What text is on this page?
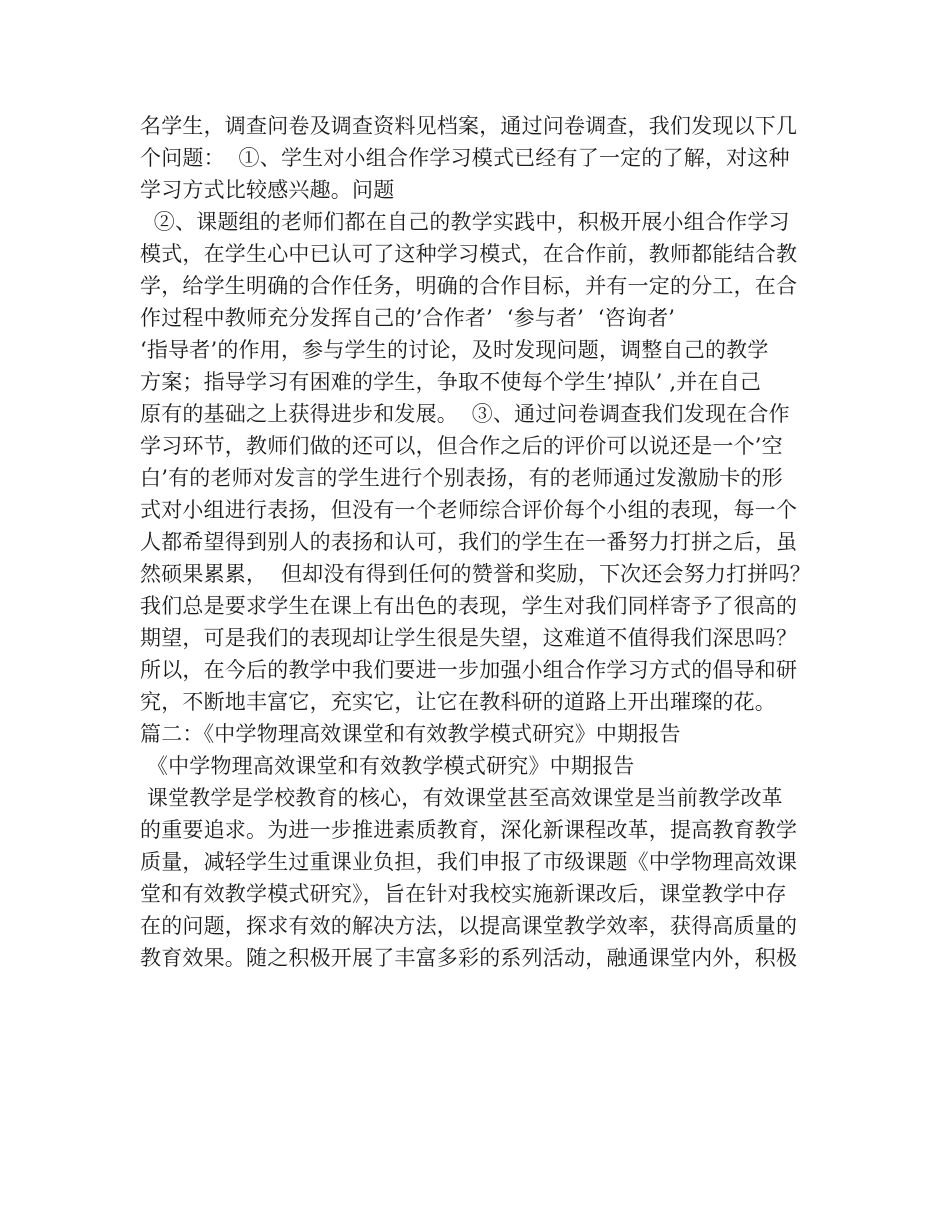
名学生，调查问卷及调查资料见档案，通过问卷调查，我们发现以下几
个问题：  ①、学生对小组合作学习模式已经有了一定的了解，对这种
学习方式比较感兴趣。问题
②、课题组的老师们都在自己的教学实践中，积极开展小组合作学习
模式，在学生心中已认可了这种学习模式，在合作前，教师都能结合教
学，给学生明确的合作任务，明确的合作目标，并有一定的分工，在合
作过程中教师充分发挥自己的’合作者’  ‘参与者’  ‘咨询者’
‘指导者’的作用，参与学生的讨论，及时发现问题，调整自己的教学
方案；指导学习有困难的学生，争取不使每个学生’掉队’ ,并在自己
原有的基础之上获得进步和发展。  ③、通过问卷调查我们发现在合作
学习环节，教师们做的还可以，但合作之后的评价可以说还是一个’空
白’有的老师对发言的学生进行个别表扬，有的老师通过发激励卡的形
式对小组进行表扬，但没有一个老师综合评价每个小组的表现，每一个
人都希望得到别人的表扬和认可，我们的学生在一番努力打拼之后，虽
然硕果累累，  但却没有得到任何的赞誉和奖励，下次还会努力打拼吗？
我们总是要求学生在课上有出色的表现，学生对我们同样寄予了很高的
期望，可是我们的表现却让学生很是失望，这难道不值得我们深思吗？
所以，在今后的教学中我们要进一步加强小组合作学习方式的倡导和研
究，不断地丰富它，充实它，让它在教科研的道路上开出璀璨的花。
篇二：《中学物理高效课堂和有效教学模式研究》中期报告
《中学物理高效课堂和有效教学模式研究》中期报告
课堂教学是学校教育的核心，有效课堂甚至高效课堂是当前教学改革
的重要追求。为进一步推进素质教育，深化新课程改革，提高教育教学
质量，减轻学生过重课业负担，我们申报了市级课题《中学物理高效课
堂和有效教学模式研究》，旨在针对我校实施新课改后，课堂教学中存
在的问题，探求有效的解决方法，以提高课堂教学效率，获得高质量的
教育效果。随之积极开展了丰富多彩的系列活动，融通课堂内外，积极
